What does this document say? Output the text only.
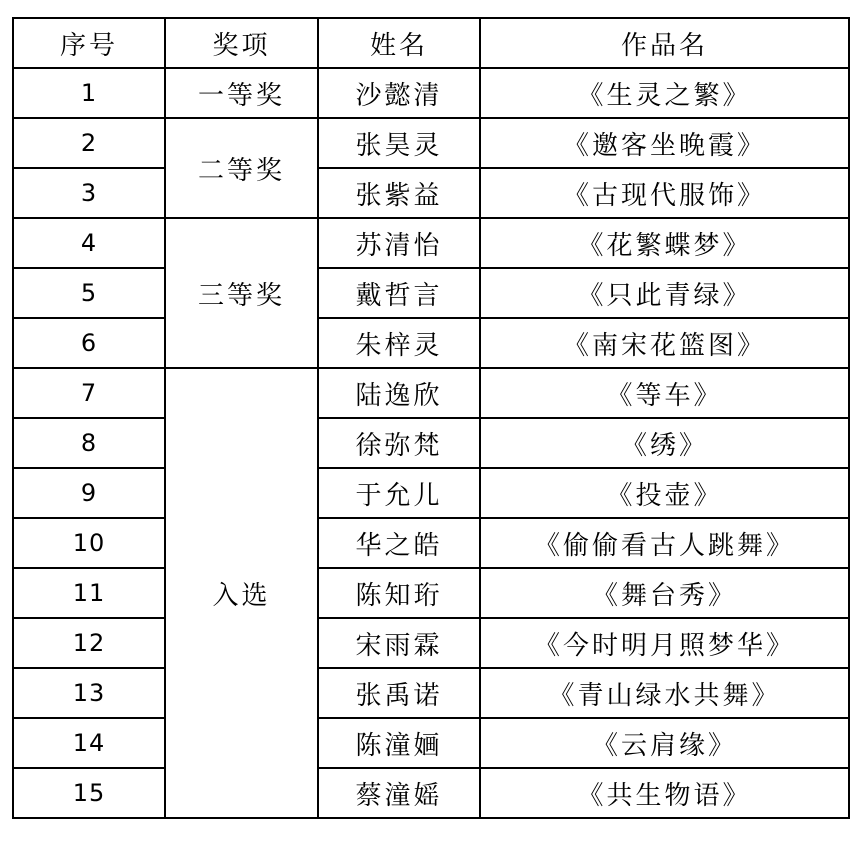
序号	奖项	姓名	作品名
1	一等奖	沙懿清	《生灵之繁》
2	二等奖	张昊灵	《邀客坐晚霞》
3		张紫益	《古现代服饰》
4	三等奖	苏清怡	《花繁蝶梦》
5		戴哲言	《只此青绿》
6		朱梓灵	《南宋花篮图》
7	入选	陆逸欣	《等车》
8		徐弥梵	《绣》
9		于允儿	《投壶》
10		华之皓	《偷偷看古人跳舞》
11		陈知珩	《舞台秀》
12		宋雨霖	《今时明月照梦华》
13		张禹诺	《青山绿水共舞》
14		陈潼婳	《云肩缘》
15		蔡潼媱	《共生物语》
